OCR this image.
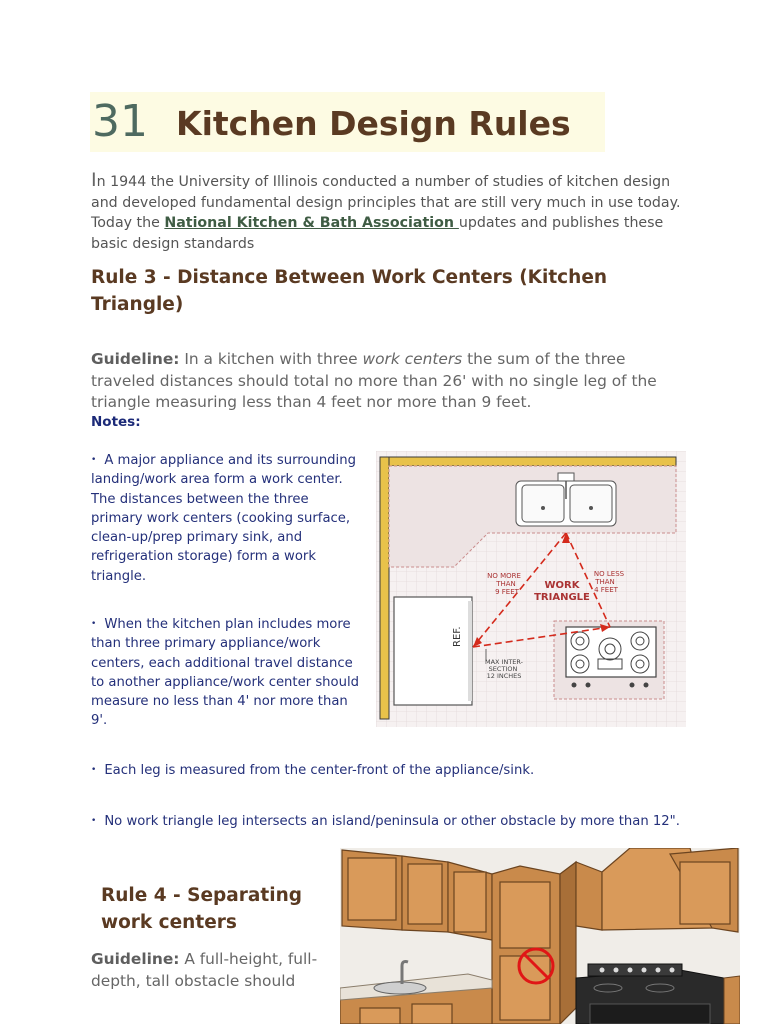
31 Kitchen Design Rules
In 1944 the University of Illinois conducted a number of studies of kitchen design and developed fundamental design principles that are still very much in use today. Today the National Kitchen & Bath Association updates and publishes these basic design standards
Rule 3 - Distance Between Work Centers (Kitchen Triangle)
Guideline: In a kitchen with three work centers the sum of the three traveled distances should total no more than 26' with no single leg of the triangle measuring less than 4 feet nor more than 9 feet.
Notes:
• A major appliance and its surrounding landing/work area form a work center. The distances between the three primary work centers (cooking surface, clean-up/prep primary sink, and refrigeration storage) form a work triangle.
• When the kitchen plan includes more than three primary appliance/work centers, each additional travel distance to another appliance/work center should measure no less than 4' nor more than 9'.
• Each leg is measured from the center-front of the appliance/sink.
• No work triangle leg intersects an island/peninsula or other obstacle by more than 12".
REF.
NO MORE
THAN
9 FEET
NO LESS
THAN
4 FEET
WORK
TRIANGLE
MAX INTER-
SECTION
12 INCHES
Rule 4 - Separating work centers
Guideline: A full-height, full-depth, tall obstacle should
